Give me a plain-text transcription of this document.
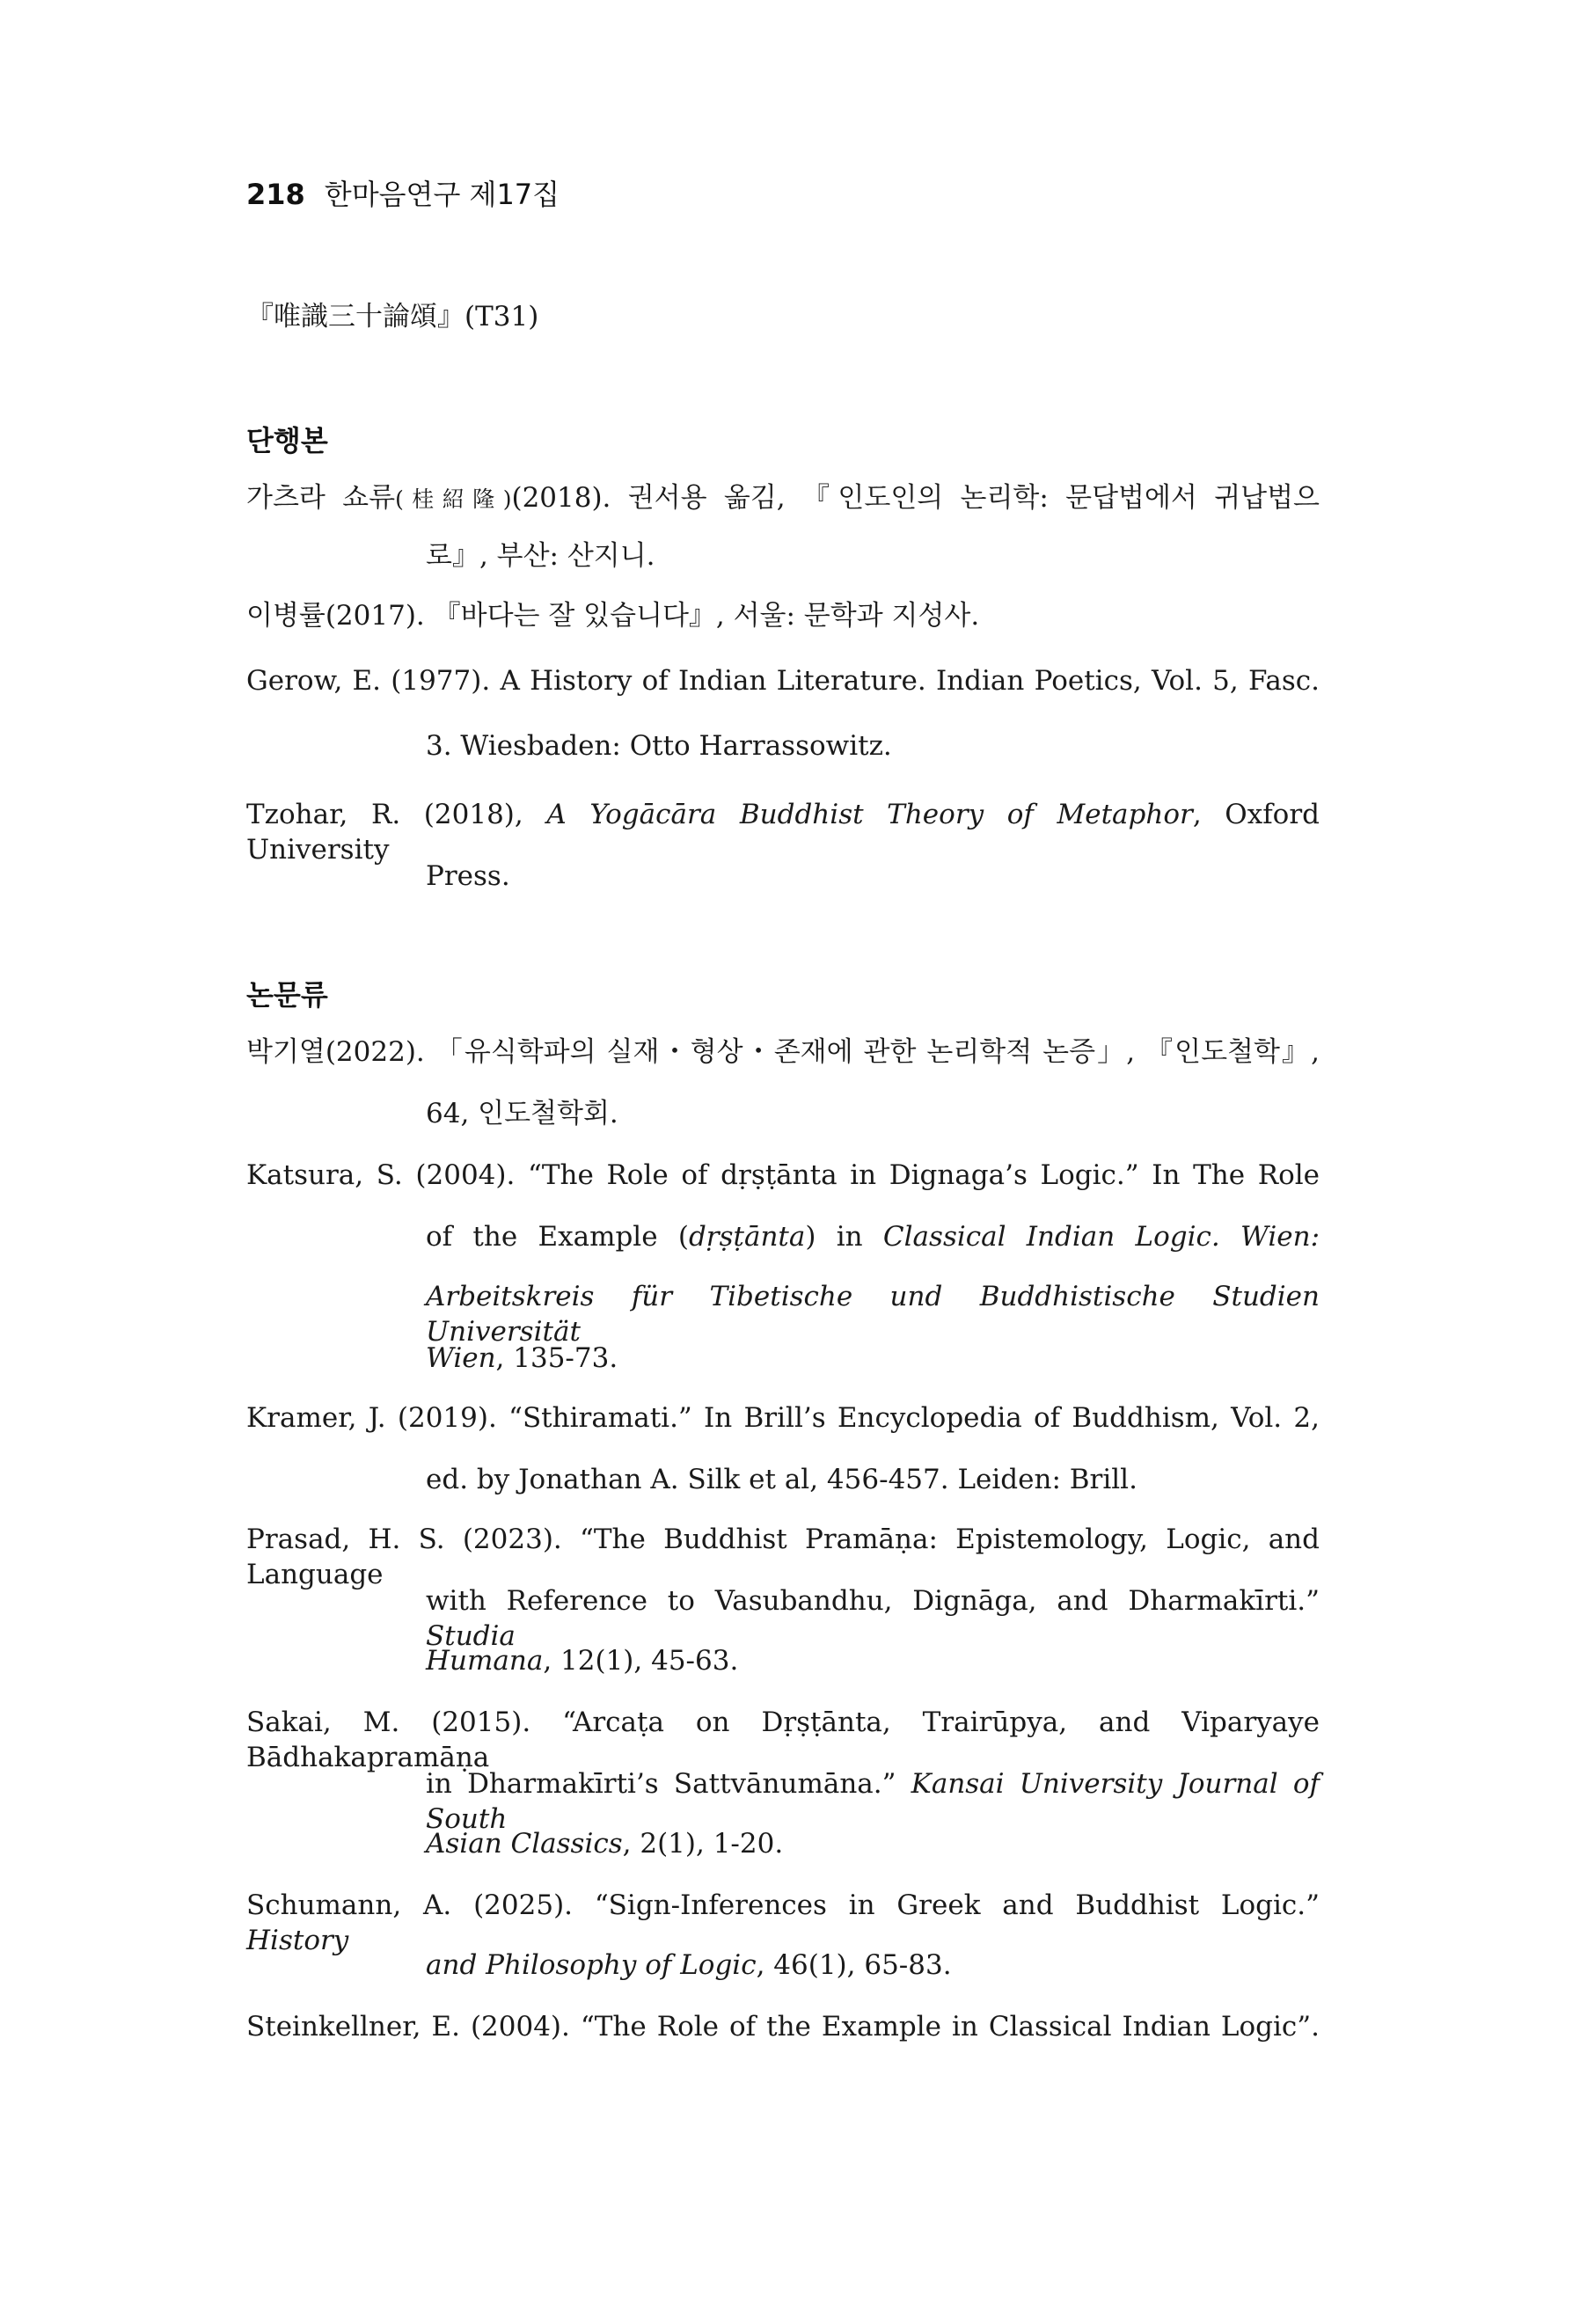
218 한마음연구 제17집
『唯識三十論頌』(T31)
단행본
가츠라 쇼류(桂紹隆)(2018). 권서용 옮김, 『인도인의 논리학: 문답법에서 귀납법으
로』, 부산: 산지니.
이병률(2017). 『바다는 잘 있습니다』, 서울: 문학과 지성사.
Gerow, E. (1977). A History of Indian Literature. Indian Poetics, Vol. 5, Fasc.
3. Wiesbaden: Otto Harrassowitz.
Tzohar, R. (2018), A Yogācāra Buddhist Theory of Metaphor, Oxford University
Press.
논문류
박기열(2022). 「유식학파의 실재・형상・존재에 관한 논리학적 논증」, 『인도철학』,
64, 인도철학회.
Katsura, S. (2004). “The Role of dṛṣṭānta in Dignaga’s Logic.” In The Role
of the Example (dṛṣṭānta) in Classical Indian Logic. Wien:
Arbeitskreis für Tibetische und Buddhistische Studien Universität
Wien, 135-73.
Kramer, J. (2019). “Sthiramati.” In Brill’s Encyclopedia of Buddhism, Vol. 2,
ed. by Jonathan A. Silk et al, 456-457. Leiden: Brill.
Prasad, H. S. (2023). “The Buddhist Pramāṇa: Epistemology, Logic, and Language
with Reference to Vasubandhu, Dignāga, and Dharmakīrti.” Studia
Humana, 12(1), 45-63.
Sakai, M. (2015). “Arcaṭa on Dṛṣṭānta, Trairūpya, and Viparyaye Bādhakapramāṇa
in Dharmakīrti’s Sattvānumāna.” Kansai University Journal of South
Asian Classics, 2(1), 1-20.
Schumann, A. (2025). “Sign-Inferences in Greek and Buddhist Logic.” History
and Philosophy of Logic, 46(1), 65-83.
Steinkellner, E. (2004). “The Role of the Example in Classical Indian Logic”.
